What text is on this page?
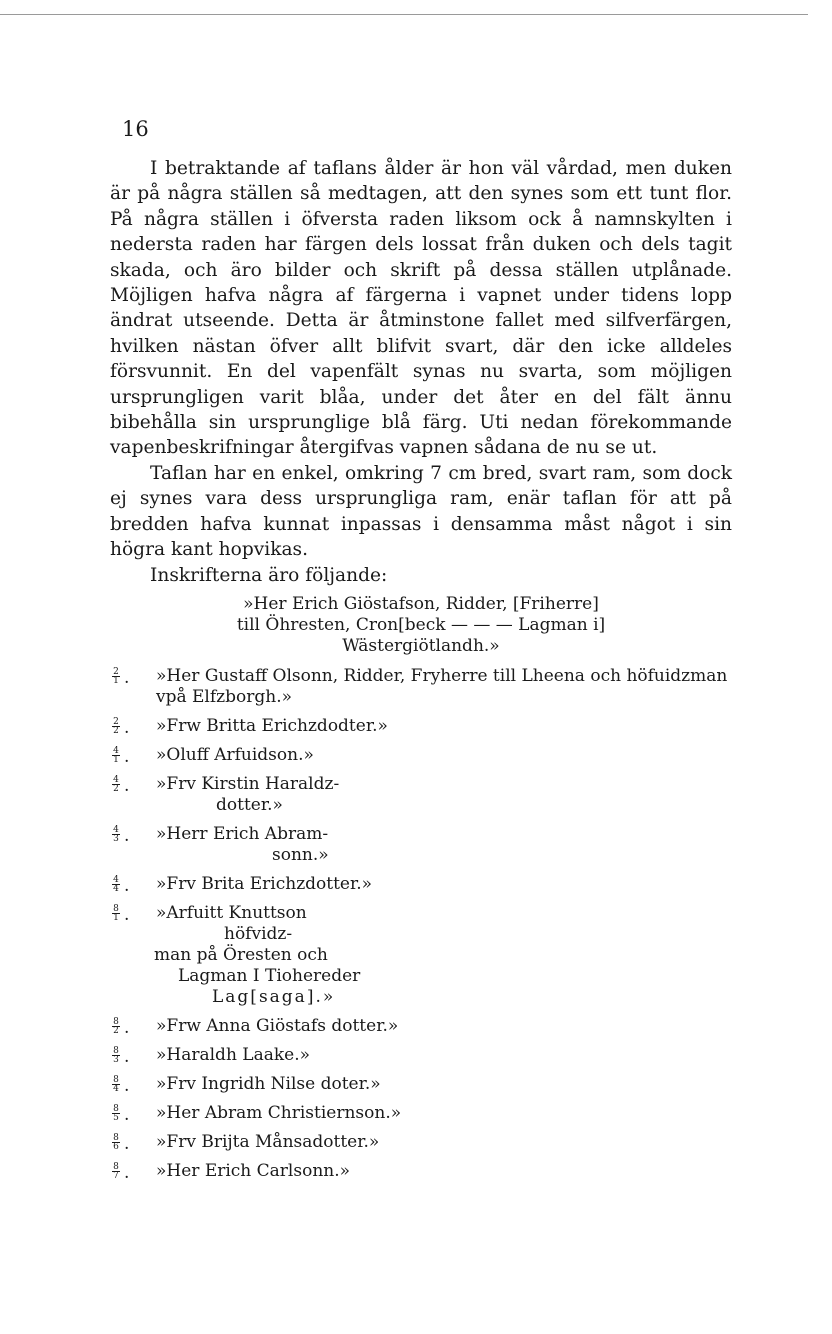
16

I betraktande af taflans ålder är hon väl vårdad, men duken är på några ställen så medtagen, att den synes som ett tunt flor. På några ställen i öfversta raden liksom ock å namnskylten i nedersta raden har färgen dels lossat från duken och dels tagit skada, och äro bilder och skrift på dessa ställen utplånade. Möjligen hafva några af färgerna i vapnet under tidens lopp ändrat utseende. Detta är åtminstone fallet med silfverfärgen, hvilken nästan öfver allt blifvit svart, där den icke alldeles försvunnit. En del vapenfält synas nu svarta, som möjligen ursprungligen varit blåa, under det åter en del fält ännu bibehålla sin ursprunglige blå färg. Uti nedan förekommande vapenbeskrifningar återgifvas vapnen sådana de nu se ut.

Taflan har en enkel, omkring 7 cm bred, svart ram, som dock ej synes vara dess ursprungliga ram, enär taflan för att på bredden hafva kunnat inpassas i densamma måst något i sin högra kant hopvikas.

Inskrifterna äro följande:

»Her Erich Giöstafson, Ridder, [Friherre]
till Öhresten, Cron[beck — — — Lagman i]
Wästergiötlandh.»
$\frac{2}{1}$ . »Her Gustaff Olsonn, Ridder, Fryherre till Lheena och höfuidzman
vpå Elfzborgh.»
$\frac{2}{2}$ . »Frw Britta Erichzdodter.»
$\frac{4}{1}$ . »Oluff Arfuidson.»
$\frac{4}{2}$ . »Frv Kirstin Haraldz-
dotter.»
$\frac{4}{3}$ . »Herr Erich Abram-
sonn.»
$\frac{4}{4}$ . »Frv Brita Erichzdotter.»
$\frac{8}{1}$ . »Arfuitt Knuttson
höfvidz-
man på Öresten och
Lagman I Tiohereder
Lag[saga].»
$\frac{8}{2}$ . »Frw Anna Giöstafs dotter.»
$\frac{8}{3}$ . »Haraldh Laake.»
$\frac{8}{4}$ . »Frv Ingridh Nilse doter.»
$\frac{8}{5}$ . »Her Abram Christiernson.»
$\frac{8}{6}$ . »Frv Brijta Månsadotter.»
$\frac{8}{7}$ . »Her Erich Carlsonn.»
